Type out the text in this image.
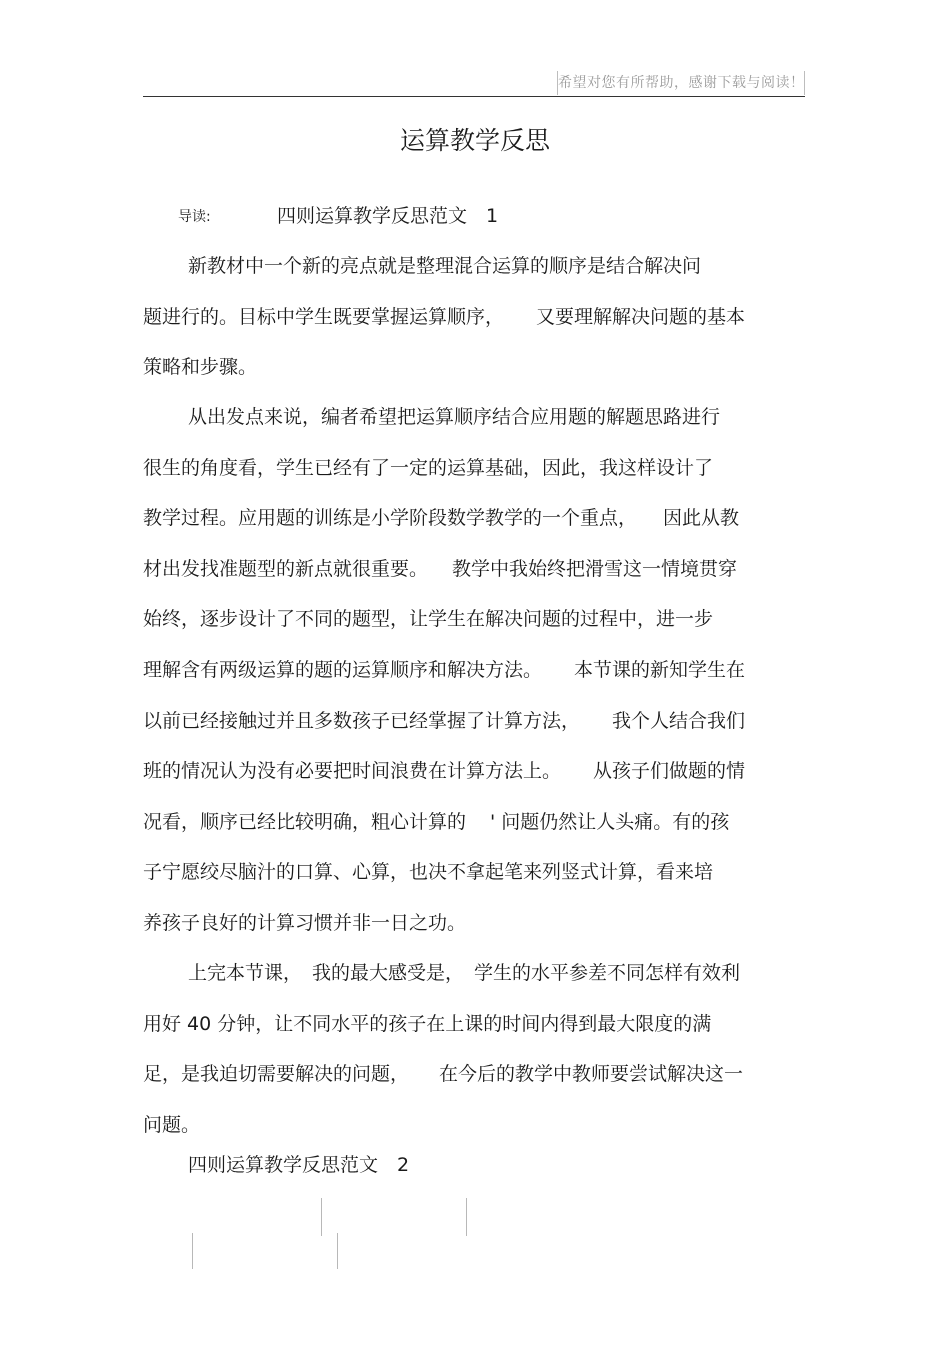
希望对您有所帮助，感谢下载与阅读！
运算教学反思
导读:	四则运算教学反思范文　1
新教材中一个新的亮点就是整理混合运算的顺序是结合解决问
题进行的。目标中学生既要掌握运算顺序， 又要理解解决问题的基本
策略和步骤。
从出发点来说，编者希望把运算顺序结合应用题的解题思路进行
很生的角度看，学生已经有了一定的运算基础，因此，我这样设计了
教学过程。应用题的训练是小学阶段数学教学的一个重点， 因此从教
材出发找准题型的新点就很重要。 教学中我始终把滑雪这一情境贯穿
始终，逐步设计了不同的题型，让学生在解决问题的过程中，进一步
理解含有两级运算的题的运算顺序和解决方法。 本节课的新知学生在
以前已经接触过并且多数孩子已经掌握了计算方法， 我个人结合我们
班的情况认为没有必要把时间浪费在计算方法上。 从孩子们做题的情
况看，顺序已经比较明确，粗心计算的 ' 问题仍然让人头痛。有的孩
子宁愿绞尽脑汁的口算、心算，也决不拿起笔来列竖式计算，看来培
养孩子良好的计算习惯并非一日之功。
上完本节课， 我的最大感受是， 学生的水平参差不同怎样有效利
用好 40 分钟，让不同水平的孩子在上课的时间内得到最大限度的满
足，是我迫切需要解决的问题， 在今后的教学中教师要尝试解决这一
问题。
四则运算教学反思范文　2
